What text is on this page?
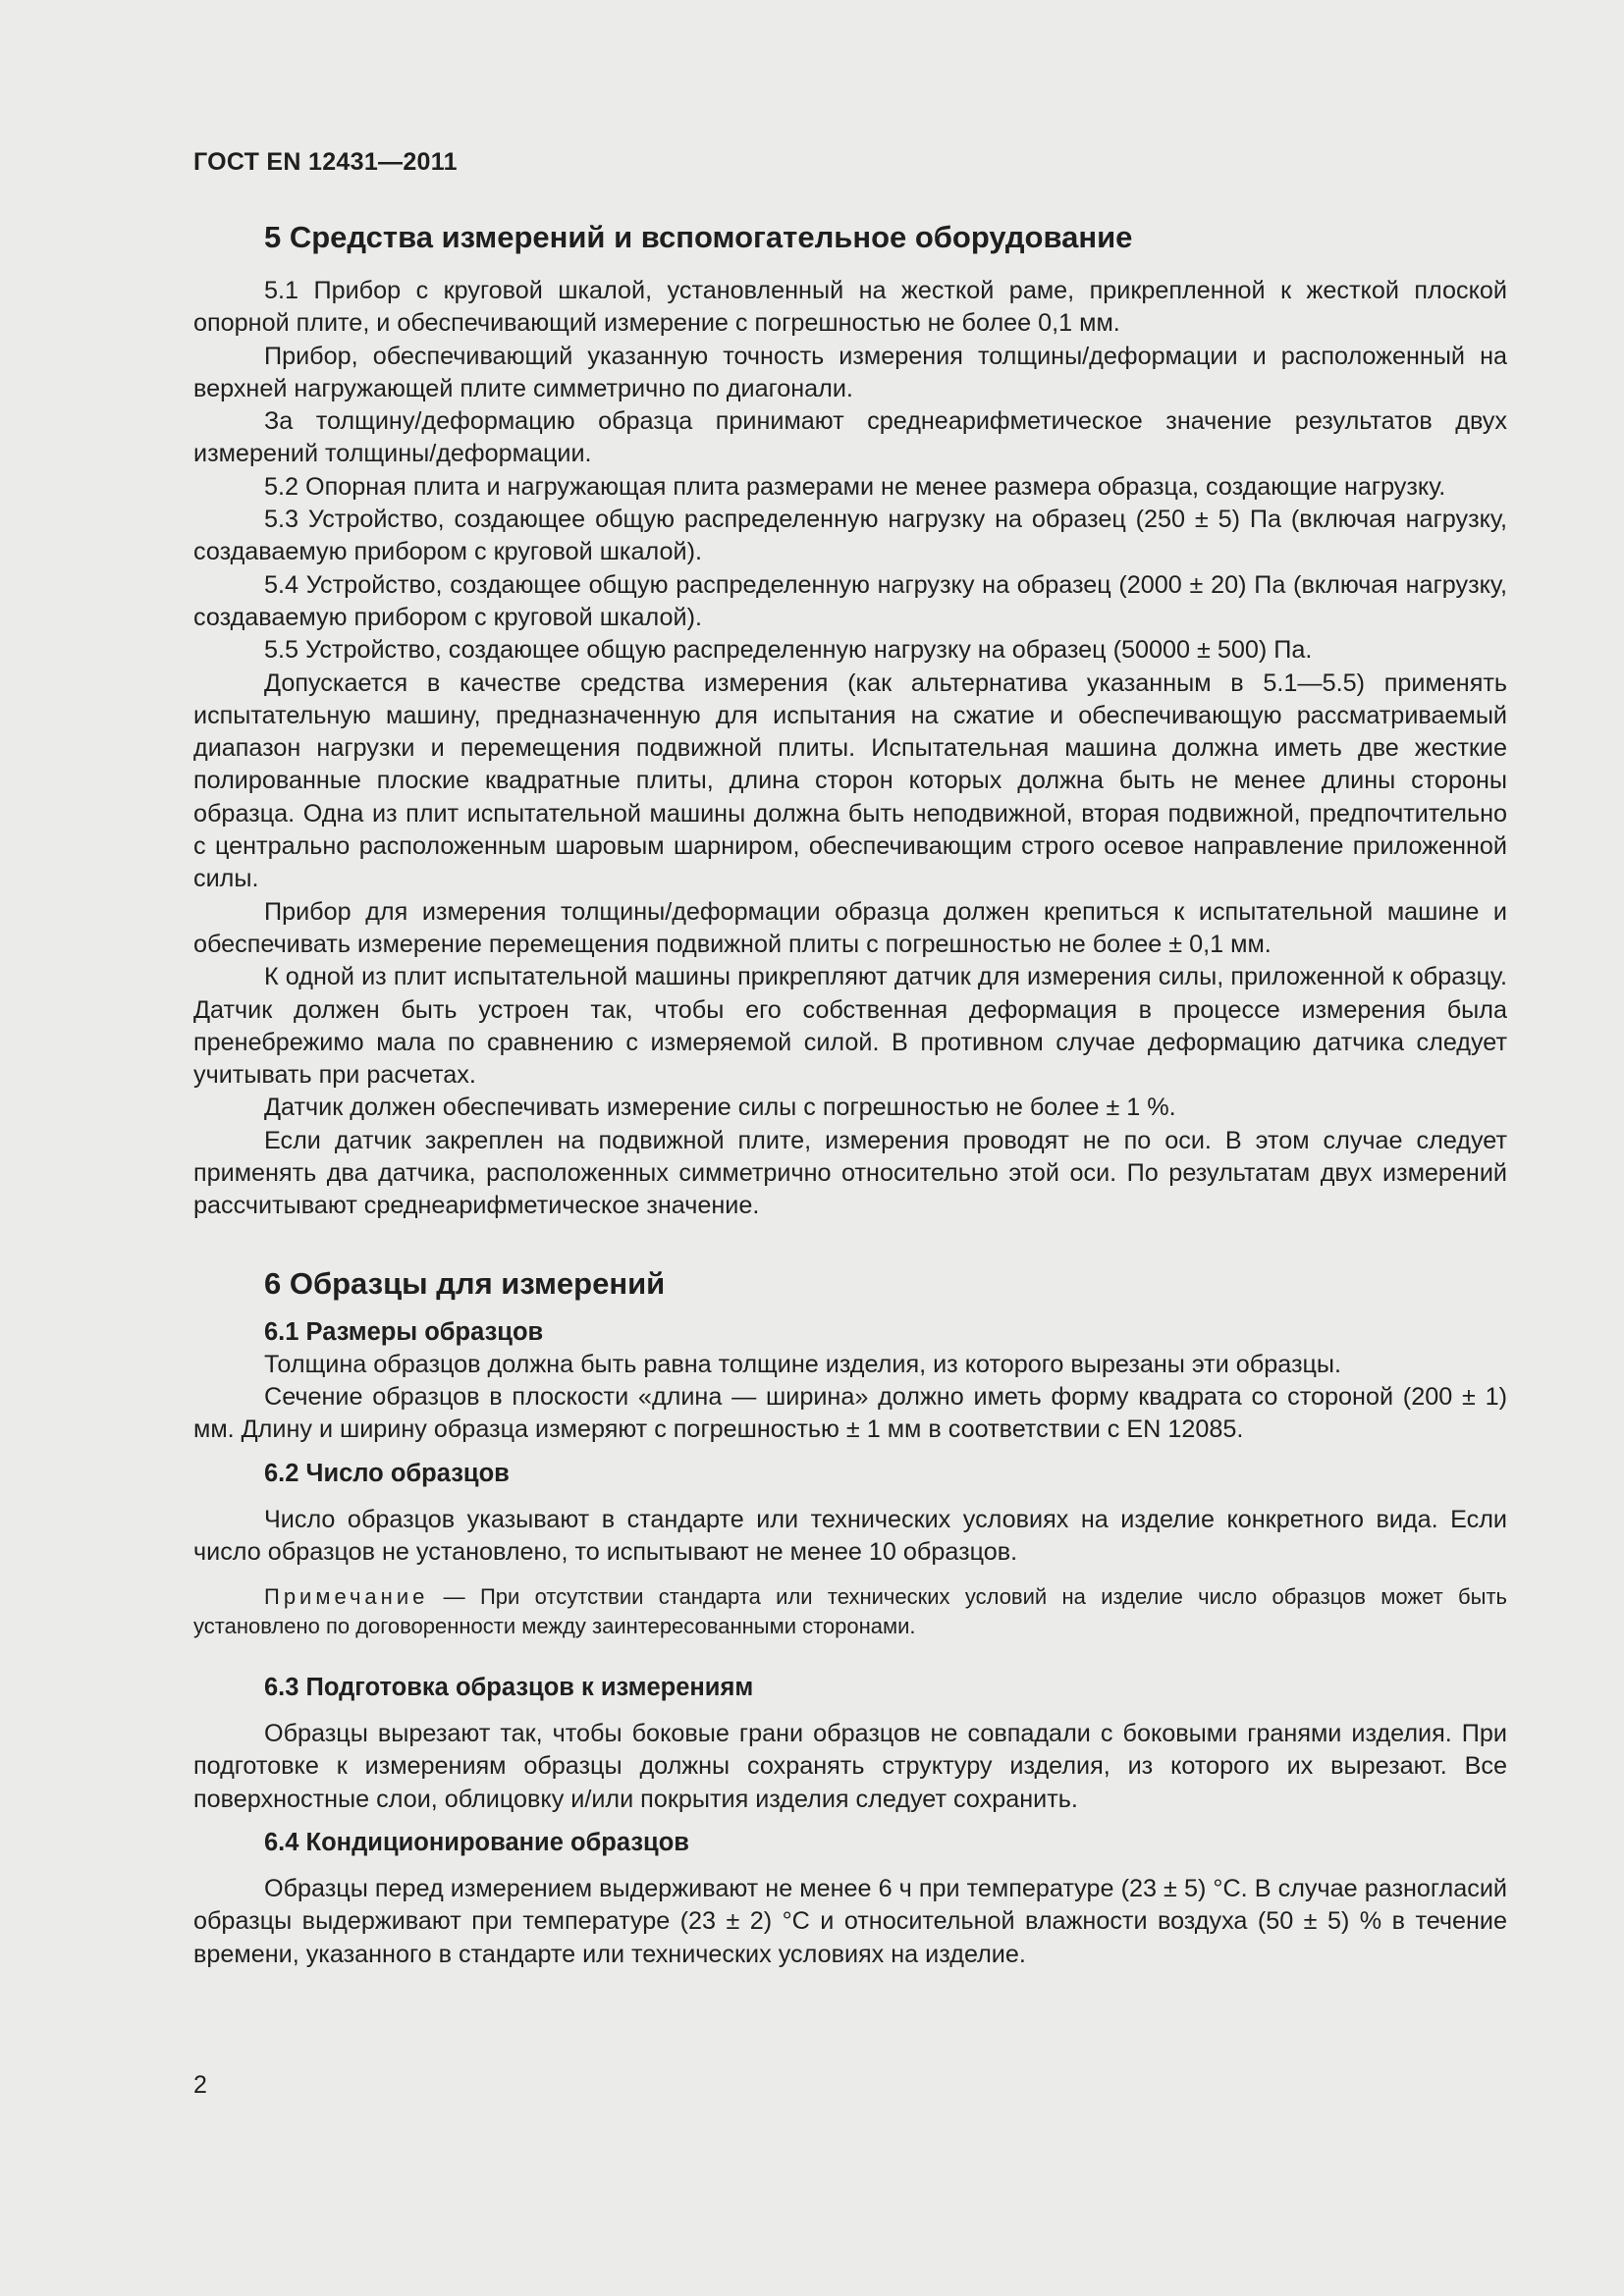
ГОСТ EN 12431—2011
5 Средства измерений и вспомогательное оборудование

5.1 Прибор с круговой шкалой, установленный на жесткой раме, прикрепленной к жесткой плоской опорной плите, и обеспечивающий измерение с погрешностью не более 0,1 мм.

Прибор, обеспечивающий указанную точность измерения толщины/деформации и расположенный на верхней нагружающей плите симметрично по диагонали.

За толщину/деформацию образца принимают среднеарифметическое значение результатов двух измерений толщины/деформации.

5.2 Опорная плита и нагружающая плита размерами не менее размера образца, создающие нагрузку.

5.3 Устройство, создающее общую распределенную нагрузку на образец (250 ± 5) Па (включая нагрузку, создаваемую прибором с круговой шкалой).

5.4 Устройство, создающее общую распределенную нагрузку на образец (2000 ± 20) Па (включая нагрузку, создаваемую прибором с круговой шкалой).

5.5 Устройство, создающее общую распределенную нагрузку на образец (50000 ± 500) Па.

Допускается в качестве средства измерения (как альтернатива указанным в 5.1—5.5) применять испытательную машину, предназначенную для испытания на сжатие и обеспечивающую рассматриваемый диапазон нагрузки и перемещения подвижной плиты. Испытательная машина должна иметь две жесткие полированные плоские квадратные плиты, длина сторон которых должна быть не менее длины стороны образца. Одна из плит испытательной машины должна быть неподвижной, вторая подвижной, предпочтительно с центрально расположенным шаровым шарниром, обеспечивающим строго осевое направление приложенной силы.

Прибор для измерения толщины/деформации образца должен крепиться к испытательной машине и обеспечивать измерение перемещения подвижной плиты с погрешностью не более ± 0,1 мм.

К одной из плит испытательной машины прикрепляют датчик для измерения силы, приложенной к образцу. Датчик должен быть устроен так, чтобы его собственная деформация в процессе измерения была пренебрежимо мала по сравнению с измеряемой силой. В противном случае деформацию датчика следует учитывать при расчетах.

Датчик должен обеспечивать измерение силы с погрешностью не более ± 1 %.

Если датчик закреплен на подвижной плите, измерения проводят не по оси. В этом случае следует применять два датчика, расположенных симметрично относительно этой оси. По результатам двух измерений рассчитывают среднеарифметическое значение.

6 Образцы для измерений
6.1 Размеры образцов

Толщина образцов должна быть равна толщине изделия, из которого вырезаны эти образцы.

Сечение образцов в плоскости «длина — ширина» должно иметь форму квадрата со стороной (200 ± 1) мм. Длину и ширину образца измеряют с погрешностью ± 1 мм в соответствии с EN 12085.

6.2 Число образцов

Число образцов указывают в стандарте или технических условиях на изделие конкретного вида. Если число образцов не установлено, то испытывают не менее 10 образцов.

Примечание — При отсутствии стандарта или технических условий на изделие число образцов может быть установлено по договоренности между заинтересованными сторонами.

6.3 Подготовка образцов к измерениям

Образцы вырезают так, чтобы боковые грани образцов не совпадали с боковыми гранями изделия. При подготовке к измерениям образцы должны сохранять структуру изделия, из которого их вырезают. Все поверхностные слои, облицовку и/или покрытия изделия следует сохранить.

6.4 Кондиционирование образцов

Образцы перед измерением выдерживают не менее 6 ч при температуре (23 ± 5) °С. В случае разногласий образцы выдерживают при температуре (23 ± 2) °С и относительной влажности воздуха (50 ± 5) % в течение времени, указанного в стандарте или технических условиях на изделие.

2
